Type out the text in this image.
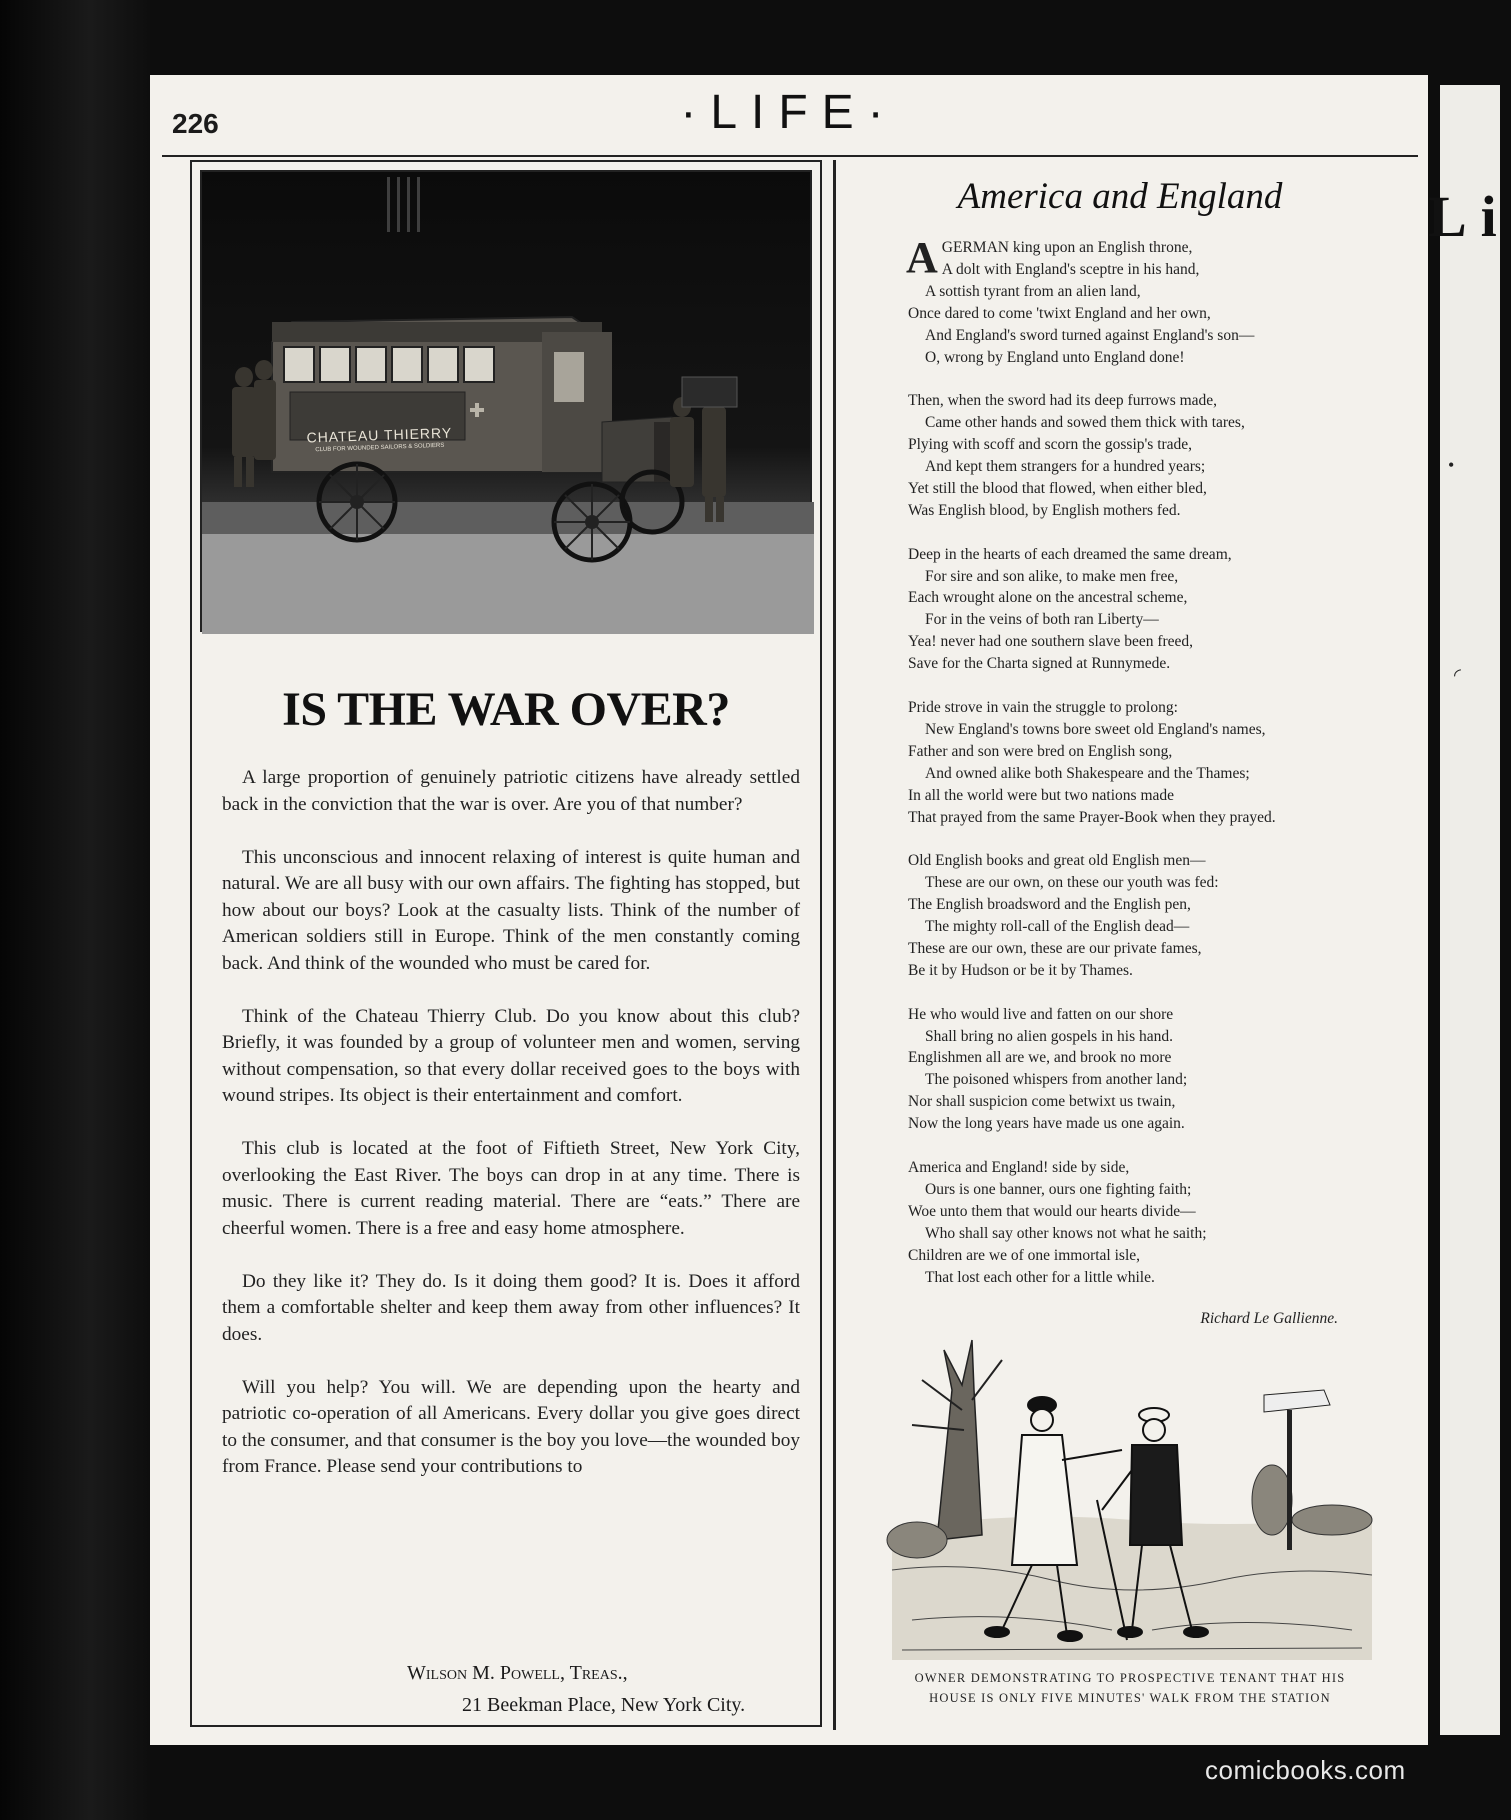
Li
•
◜
226	·LIFE·
CHATEAU THIERRY
CLUB FOR WOUNDED SAILORS & SOLDIERS
IS THE WAR OVER?

A large proportion of genuinely patriotic citizens have already settled back in the conviction that the war is over. Are you of that number?

This unconscious and innocent relaxing of interest is quite human and natural. We are all busy with our own affairs. The fighting has stopped, but how about our boys? Look at the casualty lists. Think of the number of American soldiers still in Europe. Think of the men constantly coming back. And think of the wounded who must be cared for.

Think of the Chateau Thierry Club. Do you know about this club? Briefly, it was founded by a group of volunteer men and women, serving without compensation, so that every dollar received goes to the boys with wound stripes. Its object is their entertainment and comfort.

This club is located at the foot of Fiftieth Street, New York City, overlooking the East River. The boys can drop in at any time. There is music. There is current reading material. There are “eats.” There are cheerful women. There is a free and easy home atmosphere.

Do they like it? They do. Is it doing them good? It is. Does it afford them a comfortable shelter and keep them away from other influences? It does.

Will you help? You will. We are depending upon the hearty and patriotic co-operation of all Americans. Every dollar you give goes direct to the consumer, and that consumer is the boy you love—the wounded boy from France. Please send your contributions to

Wilson M. Powell, Treas.,
21 Beekman Place, New York City.
America and England
A GERMAN king upon an English throne,
A dolt with England's sceptre in his hand,
A sottish tyrant from an alien land,
Once dared to come 'twixt England and her own,
And England's sword turned against England's son—
O, wrong by England unto England done!
Then, when the sword had its deep furrows made,
Came other hands and sowed them thick with tares,
Plying with scoff and scorn the gossip's trade,
And kept them strangers for a hundred years;
Yet still the blood that flowed, when either bled,
Was English blood, by English mothers fed.
Deep in the hearts of each dreamed the same dream,
For sire and son alike, to make men free,
Each wrought alone on the ancestral scheme,
For in the veins of both ran Liberty—
Yea! never had one southern slave been freed,
Save for the Charta signed at Runnymede.
Pride strove in vain the struggle to prolong:
New England's towns bore sweet old England's names,
Father and son were bred on English song,
And owned alike both Shakespeare and the Thames;
In all the world were but two nations made
That prayed from the same Prayer-Book when they prayed.
Old English books and great old English men—
These are our own, on these our youth was fed:
The English broadsword and the English pen,
The mighty roll-call of the English dead—
These are our own, these are our private fames,
Be it by Hudson or be it by Thames.
He who would live and fatten on our shore
Shall bring no alien gospels in his hand.
Englishmen all are we, and brook no more
The poisoned whispers from another land;
Nor shall suspicion come betwixt us twain,
Now the long years have made us one again.
America and England! side by side,
Ours is one banner, ours one fighting faith;
Woe unto them that would our hearts divide—
Who shall say other knows not what he saith;
Children are we of one immortal isle,
That lost each other for a little while.
Richard Le Gallienne.
OWNER DEMONSTRATING TO PROSPECTIVE TENANT THAT HIS
HOUSE IS ONLY FIVE MINUTES' WALK FROM THE STATION
comicbooks.com
